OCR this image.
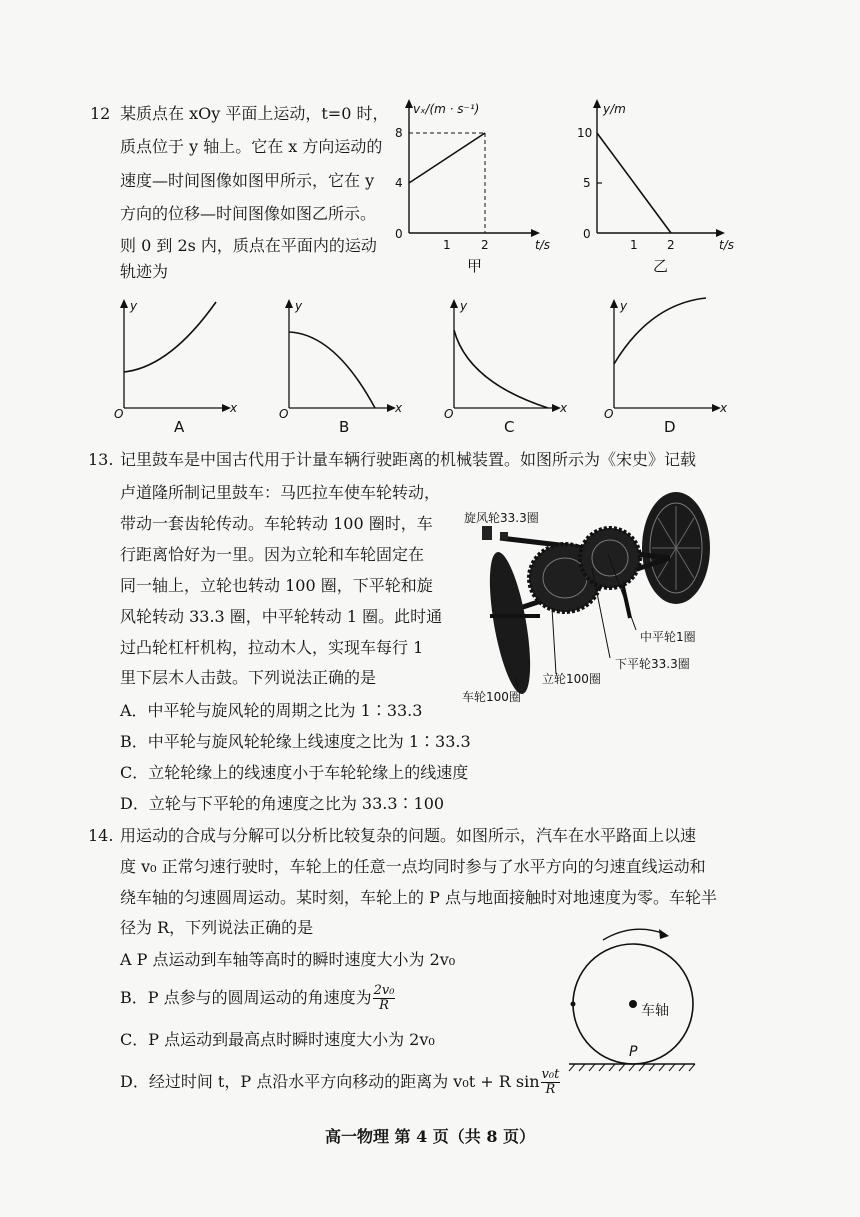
12 某质点在 xOy 平面上运动，t=0 时，
质点位于 y 轴上。它在 x 方向运动的
速度—时间图像如图甲所示，它在 y
方向的位移—时间图像如图乙所示。
则 0 到 2s 内，质点在平面内的运动
轨迹为
vₓ/(m · s⁻¹)
8
4
0
1	2	t/s
甲
y/m
10
5
0
1 2	t/s
乙
y
x
O
A
y
x
O
B
y
x
O
C
y
x
O
D
13. 记里鼓车是中国古代用于计量车辆行驶距离的机械装置。如图所示为《宋史》记载
卢道隆所制记里鼓车：马匹拉车使车轮转动，
带动一套齿轮传动。车轮转动 100 圈时，车
行距离恰好为一里。因为立轮和车轮固定在
同一轴上，立轮也转动 100 圈，下平轮和旋
风轮转动 33.3 圈，中平轮转动 1 圈。此时通
过凸轮杠杆机构，拉动木人，实现车每行 1
里下层木人击鼓。下列说法正确的是
旋风轮33.3圈
中平轮1圈
下平轮33.3圈
立轮100圈
车轮100圈
A．中平轮与旋风轮的周期之比为 1∶33.3
B．中平轮与旋风轮轮缘上线速度之比为 1∶33.3
C．立轮轮缘上的线速度小于车轮轮缘上的线速度
D．立轮与下平轮的角速度之比为 33.3∶100
14. 用运动的合成与分解可以分析比较复杂的问题。如图所示，汽车在水平路面上以速
度 v₀ 正常匀速行驶时，车轮上的任意一点均同时参与了水平方向的匀速直线运动和
绕车轴的匀速圆周运动。某时刻，车轮上的 P 点与地面接触时对地速度为零。车轮半
径为 R，下列说法正确的是
A P 点运动到车轴等高时的瞬时速度大小为 2v₀
B．P 点参与的圆周运动的角速度为 $\frac{\text{2v₀}}{R}$
C．P 点运动到最高点时瞬时速度大小为 2v₀
D．经过时间 t，P 点沿水平方向移动的距离为 v₀t + R $\sin \frac{\text{v₀t}}{R}$
车轴
P
高一物理 第 4 页（共 8 页）
